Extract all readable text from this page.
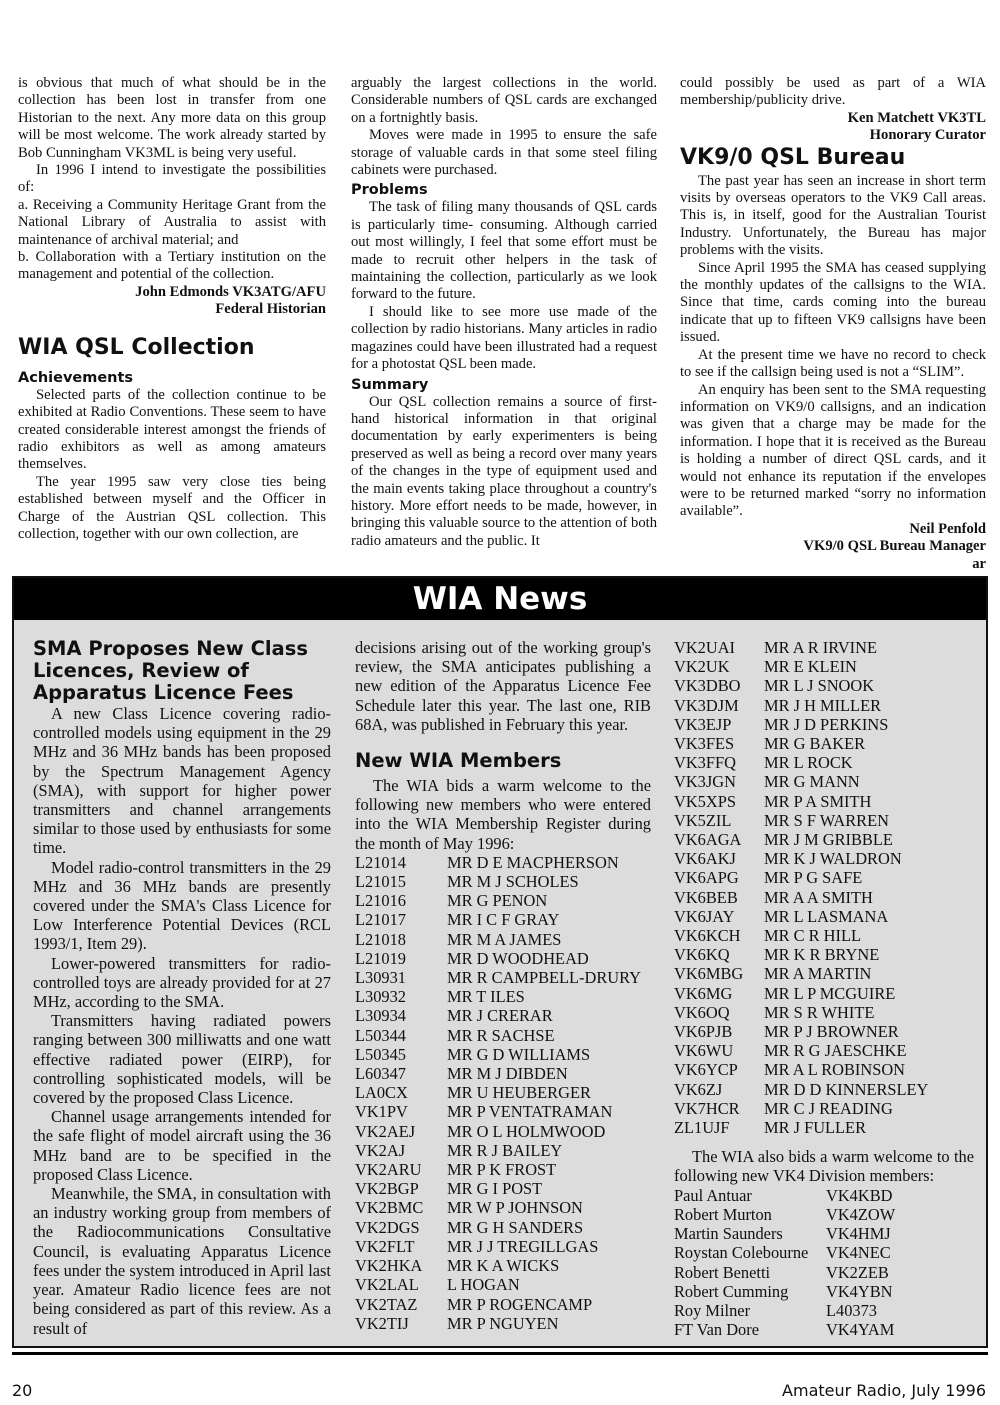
is obvious that much of what should be in the collection has been lost in transfer from one Historian to the next. Any more data on this group will be most welcome. The work already started by Bob Cunningham VK3ML is being very useful.

In 1996 I intend to investigate the possibilities of:

a. Receiving a Community Heritage Grant from the National Library of Australia to assist with maintenance of archival material; and

b. Collaboration with a Tertiary institution on the management and potential of the collection.

John Edmonds VK3ATG/AFU

Federal Historian

WIA QSL Collection
Achievements

Selected parts of the collection continue to be exhibited at Radio Conventions. These seem to have created considerable interest amongst the friends of radio exhibitors as well as among amateurs themselves.

The year 1995 saw very close ties being established between myself and the Officer in Charge of the Austrian QSL collection. This collection, together with our own collection, are

arguably the largest collections in the world. Considerable numbers of QSL cards are exchanged on a fortnightly basis.

Moves were made in 1995 to ensure the safe storage of valuable cards in that some steel filing cabinets were purchased.

Problems

The task of filing many thousands of QSL cards is particularly time- consuming. Although carried out most willingly, I feel that some effort must be made to recruit other helpers in the task of maintaining the collection, particularly as we look forward to the future.

I should like to see more use made of the collection by radio historians. Many articles in radio magazines could have been illustrated had a request for a photostat QSL been made.

Summary

Our QSL collection remains a source of first-hand historical information in that original documentation by early experimenters is being preserved as well as being a record over many years of the changes in the type of equipment used and the main events taking place throughout a country's history. More effort needs to be made, however, in bringing this valuable source to the attention of both radio amateurs and the public. It

could possibly be used as part of a WIA membership/publicity drive.

Ken Matchett VK3TL

Honorary Curator

VK9/0 QSL Bureau

The past year has seen an increase in short term visits by overseas operators to the VK9 Call areas. This is, in itself, good for the Australian Tourist Industry. Unfortunately, the Bureau has major problems with the visits.

Since April 1995 the SMA has ceased supplying the monthly updates of the callsigns to the WIA. Since that time, cards coming into the bureau indicate that up to fifteen VK9 callsigns have been issued.

At the present time we have no record to check to see if the callsign being used is not a “SLIM”.

An enquiry has been sent to the SMA requesting information on VK9/0 callsigns, and an indication was given that a charge may be made for the information. I hope that it is received as the Bureau is holding a number of direct QSL cards, and it would not enhance its reputation if the envelopes were to be returned marked “sorry no information available”.

Neil Penfold

VK9/0 QSL Bureau Manager

ar

WIA News
SMA Proposes New Class Licences, Review of Apparatus Licence Fees

A new Class Licence covering radio-controlled models using equipment in the 29 MHz and 36 MHz bands has been proposed by the Spectrum Management Agency (SMA), with support for higher power transmitters and channel arrangements similar to those used by enthusiasts for some time.

Model radio-control transmitters in the 29 MHz and 36 MHz bands are presently covered under the SMA's Class Licence for Low Interference Potential Devices (RCL 1993/1, Item 29).

Lower-powered transmitters for radio-controlled toys are already provided for at 27 MHz, according to the SMA.

Transmitters having radiated powers ranging between 300 milliwatts and one watt effective radiated power (EIRP), for controlling sophisticated models, will be covered by the proposed Class Licence.

Channel usage arrangements intended for the safe flight of model aircraft using the 36 MHz band are to be specified in the proposed Class Licence.

Meanwhile, the SMA, in consultation with an industry working group from members of the Radiocommunications Consultative Council, is evaluating Apparatus Licence fees under the system introduced in April last year. Amateur Radio licence fees are not being considered as part of this review. As a result of

decisions arising out of the working group's review, the SMA anticipates publishing a new edition of the Apparatus Licence Fee Schedule later this year. The last one, RIB 68A, was published in February this year.

New WIA Members

The WIA bids a warm welcome to the following new members who were entered into the WIA Membership Register during the month of May 1996:

L21014	MR D E MACPHERSON
L21015	MR M J SCHOLES
L21016	MR G PENON
L21017	MR I C F GRAY
L21018	MR M A JAMES
L21019	MR D WOODHEAD
L30931	MR R CAMPBELL-DRURY
L30932	MR T ILES
L30934	MR J CRERAR
L50344	MR R SACHSE
L50345	MR G D WILLIAMS
L60347	MR M J DIBDEN
LA0CX	MR U HEUBERGER
VK1PV	MR P VENTATRAMAN
VK2AEJ	MR O L HOLMWOOD
VK2AJ	MR R J BAILEY
VK2ARU	MR P K FROST
VK2BGP	MR G I POST
VK2BMC	MR W P JOHNSON
VK2DGS	MR G H SANDERS
VK2FLT	MR J J TREGILLGAS
VK2HKA	MR K A WICKS
VK2LAL	L HOGAN
VK2TAZ	MR P ROGENCAMP
VK2TIJ	MR P NGUYEN
VK2UAI	MR A R IRVINE
VK2UK	MR E KLEIN
VK3DBO	MR L J SNOOK
VK3DJM	MR J H MILLER
VK3EJP	MR J D PERKINS
VK3FES	MR G BAKER
VK3FFQ	MR L ROCK
VK3JGN	MR G MANN
VK5XPS	MR P A SMITH
VK5ZIL	MR S F WARREN
VK6AGA	MR J M GRIBBLE
VK6AKJ	MR K J WALDRON
VK6APG	MR P G SAFE
VK6BEB	MR A A SMITH
VK6JAY	MR L LASMANA
VK6KCH	MR C R HILL
VK6KQ	MR K R BRYNE
VK6MBG	MR A MARTIN
VK6MG	MR L P MCGUIRE
VK6OQ	MR S R WHITE
VK6PJB	MR P J BROWNER
VK6WU	MR R G JAESCHKE
VK6YCP	MR A L ROBINSON
VK6ZJ	MR D D KINNERSLEY
VK7HCR	MR C J READING
ZL1UJF	MR J FULLER

The WIA also bids a warm welcome to the following new VK4 Division members:

Paul Antuar	VK4KBD
Robert Murton	VK4ZOW
Martin Saunders	VK4HMJ
Roystan Colebourne	VK4NEC
Robert Benetti	VK2ZEB
Robert Cumming	VK4YBN
Roy Milner	L40373
FT Van Dore	VK4YAM
20	Amateur Radio, July 1996
